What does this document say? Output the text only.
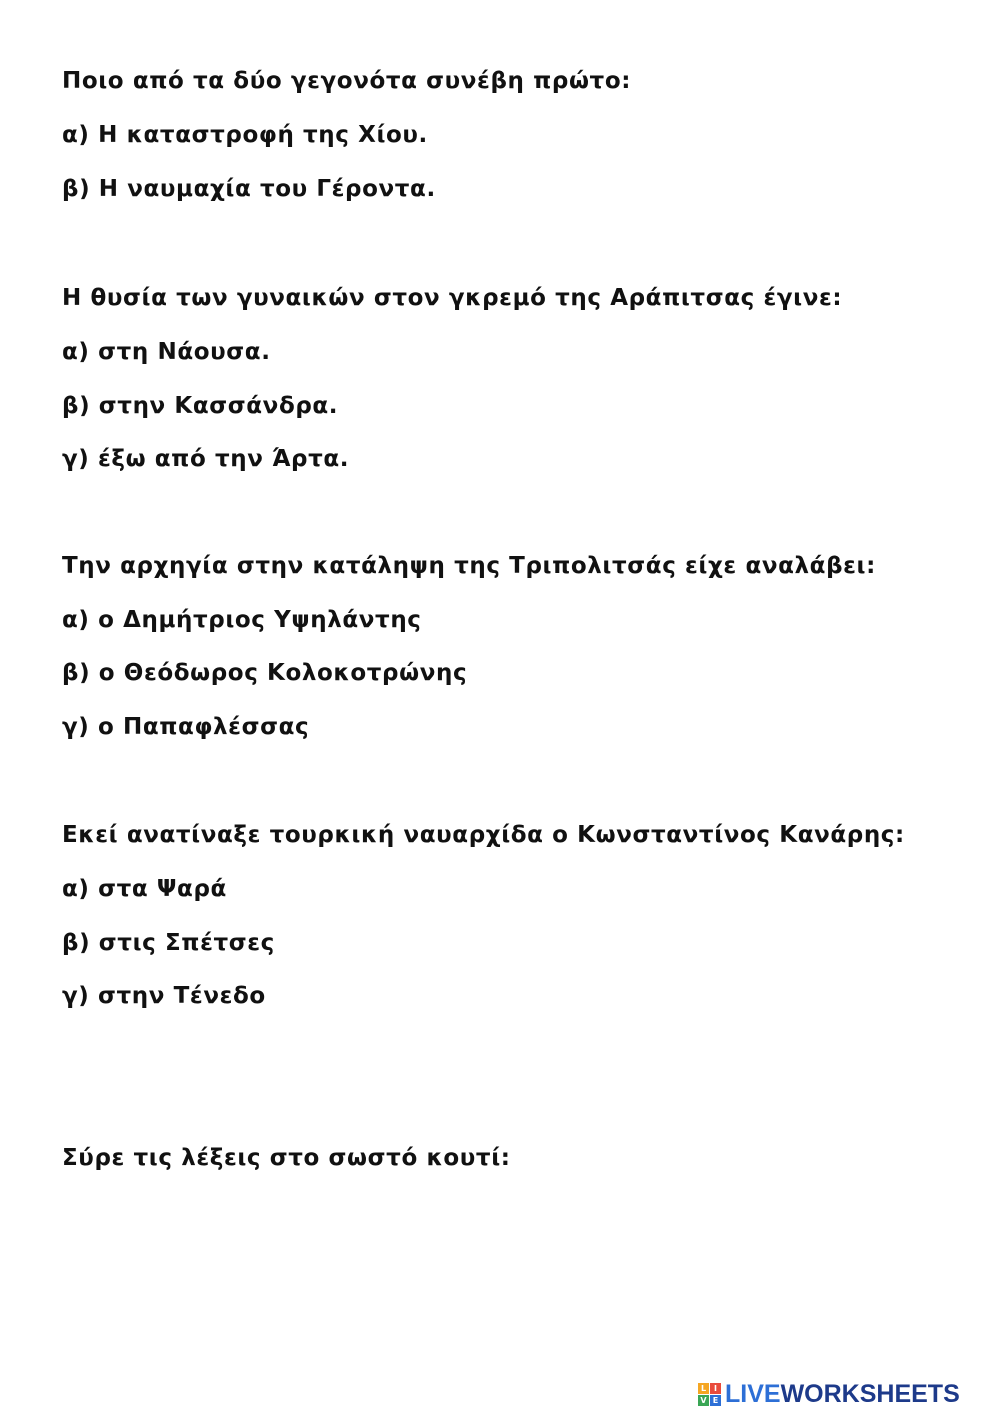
Ποιο από τα δύο γεγονότα συνέβη πρώτο:
α) Η καταστροφή της Χίου.
β) Η ναυμαχία του Γέροντα.
Η θυσία των γυναικών στον γκρεμό της Αράπιτσας έγινε:
α) στη Νάουσα.
β) στην Κασσάνδρα.
γ) έξω από την Άρτα.
Την αρχηγία στην κατάληψη της Τριπολιτσάς είχε αναλάβει:
α) ο Δημήτριος Υψηλάντης
β) ο Θεόδωρος Κολοκοτρώνης
γ) ο Παπαφλέσσας
Εκεί ανατίναξε τουρκική ναυαρχίδα ο Κωνσταντίνος Κανάρης:
α) στα Ψαρά
β) στις Σπέτσες
γ) στην Τένεδο
Σύρε τις λέξεις στο σωστό κουτί:
L I
V E LIVEWORKSHEETS
